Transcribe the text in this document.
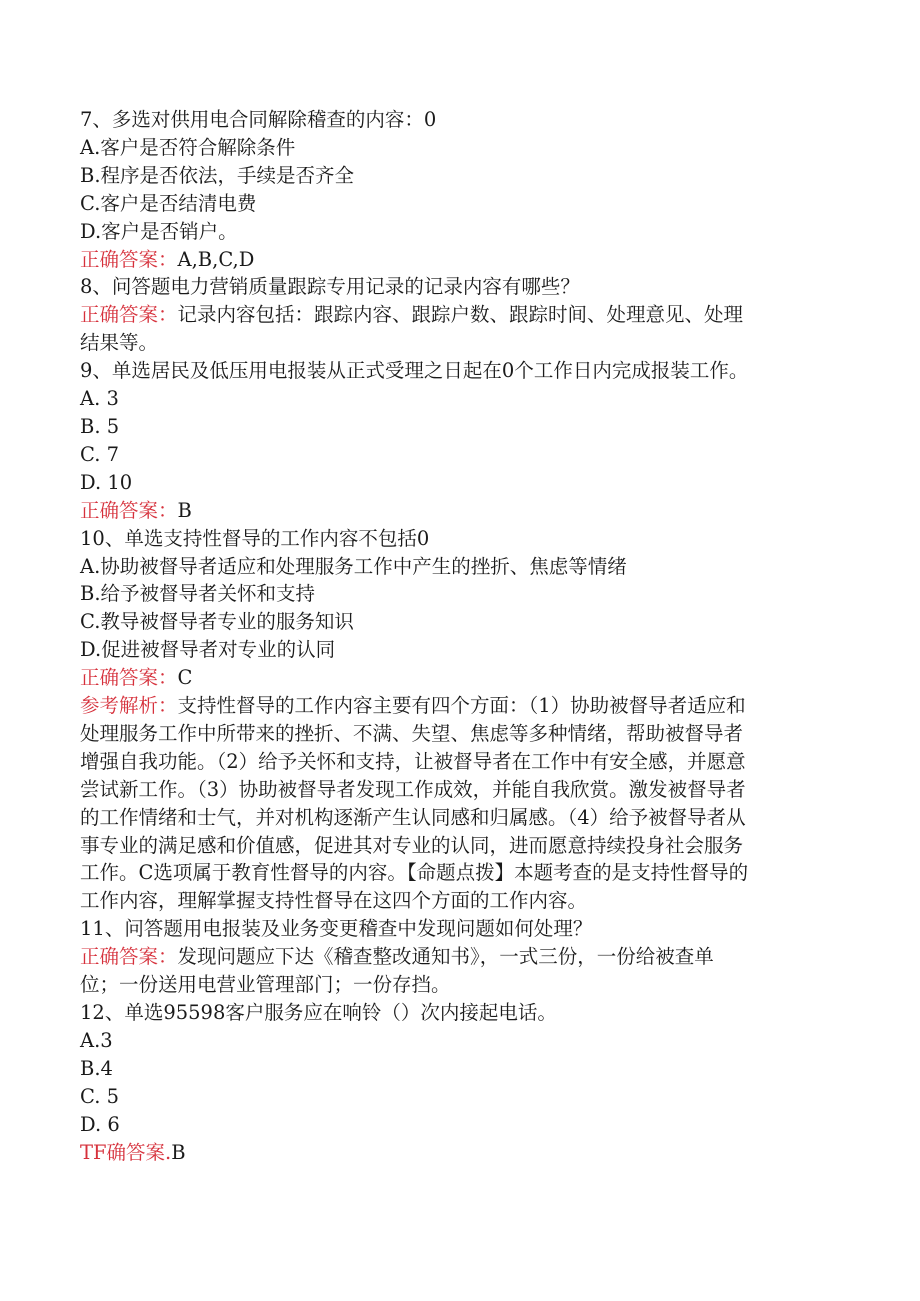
7、多选对供用电合同解除稽查的内容：0
A.客户是否符合解除条件
B.程序是否依法，手续是否齐全
C.客户是否结清电费
D.客户是否销户。
正确答案：A,B,C,D
8、问答题电力营销质量跟踪专用记录的记录内容有哪些？
正确答案：记录内容包括：跟踪内容、跟踪户数、跟踪时间、处理意见、处理
结果等。
9、单选居民及低压用电报装从正式受理之日起在0个工作日内完成报装工作。
A. 3
B. 5
C. 7
D. 10
正确答案：B
10、单选支持性督导的工作内容不包括0
A.协助被督导者适应和处理服务工作中产生的挫折、焦虑等情绪
B.给予被督导者关怀和支持
C.教导被督导者专业的服务知识
D.促进被督导者对专业的认同
正确答案：C
参考解析：支持性督导的工作内容主要有四个方面：（1）协助被督导者适应和
处理服务工作中所带来的挫折、不满、失望、焦虑等多种情绪，帮助被督导者
增强自我功能。（2）给予关怀和支持，让被督导者在工作中有安全感，并愿意
尝试新工作。（3）协助被督导者发现工作成效，并能自我欣赏。激发被督导者
的工作情绪和士气，并对机构逐渐产生认同感和归属感。（4）给予被督导者从
事专业的满足感和价值感，促进其对专业的认同，进而愿意持续投身社会服务
工作。C选项属于教育性督导的内容。【命题点拨】本题考查的是支持性督导的
工作内容，理解掌握支持性督导在这四个方面的工作内容。
11、问答题用电报装及业务变更稽查中发现问题如何处理？
正确答案：发现问题应下达《稽查整改通知书》，一式三份，一份给被查单
位；一份送用电营业管理部门；一份存挡。
12、单选95598客户服务应在响铃（）次内接起电话。
A.3
B.4
C. 5
D. 6
TF确答案.B
